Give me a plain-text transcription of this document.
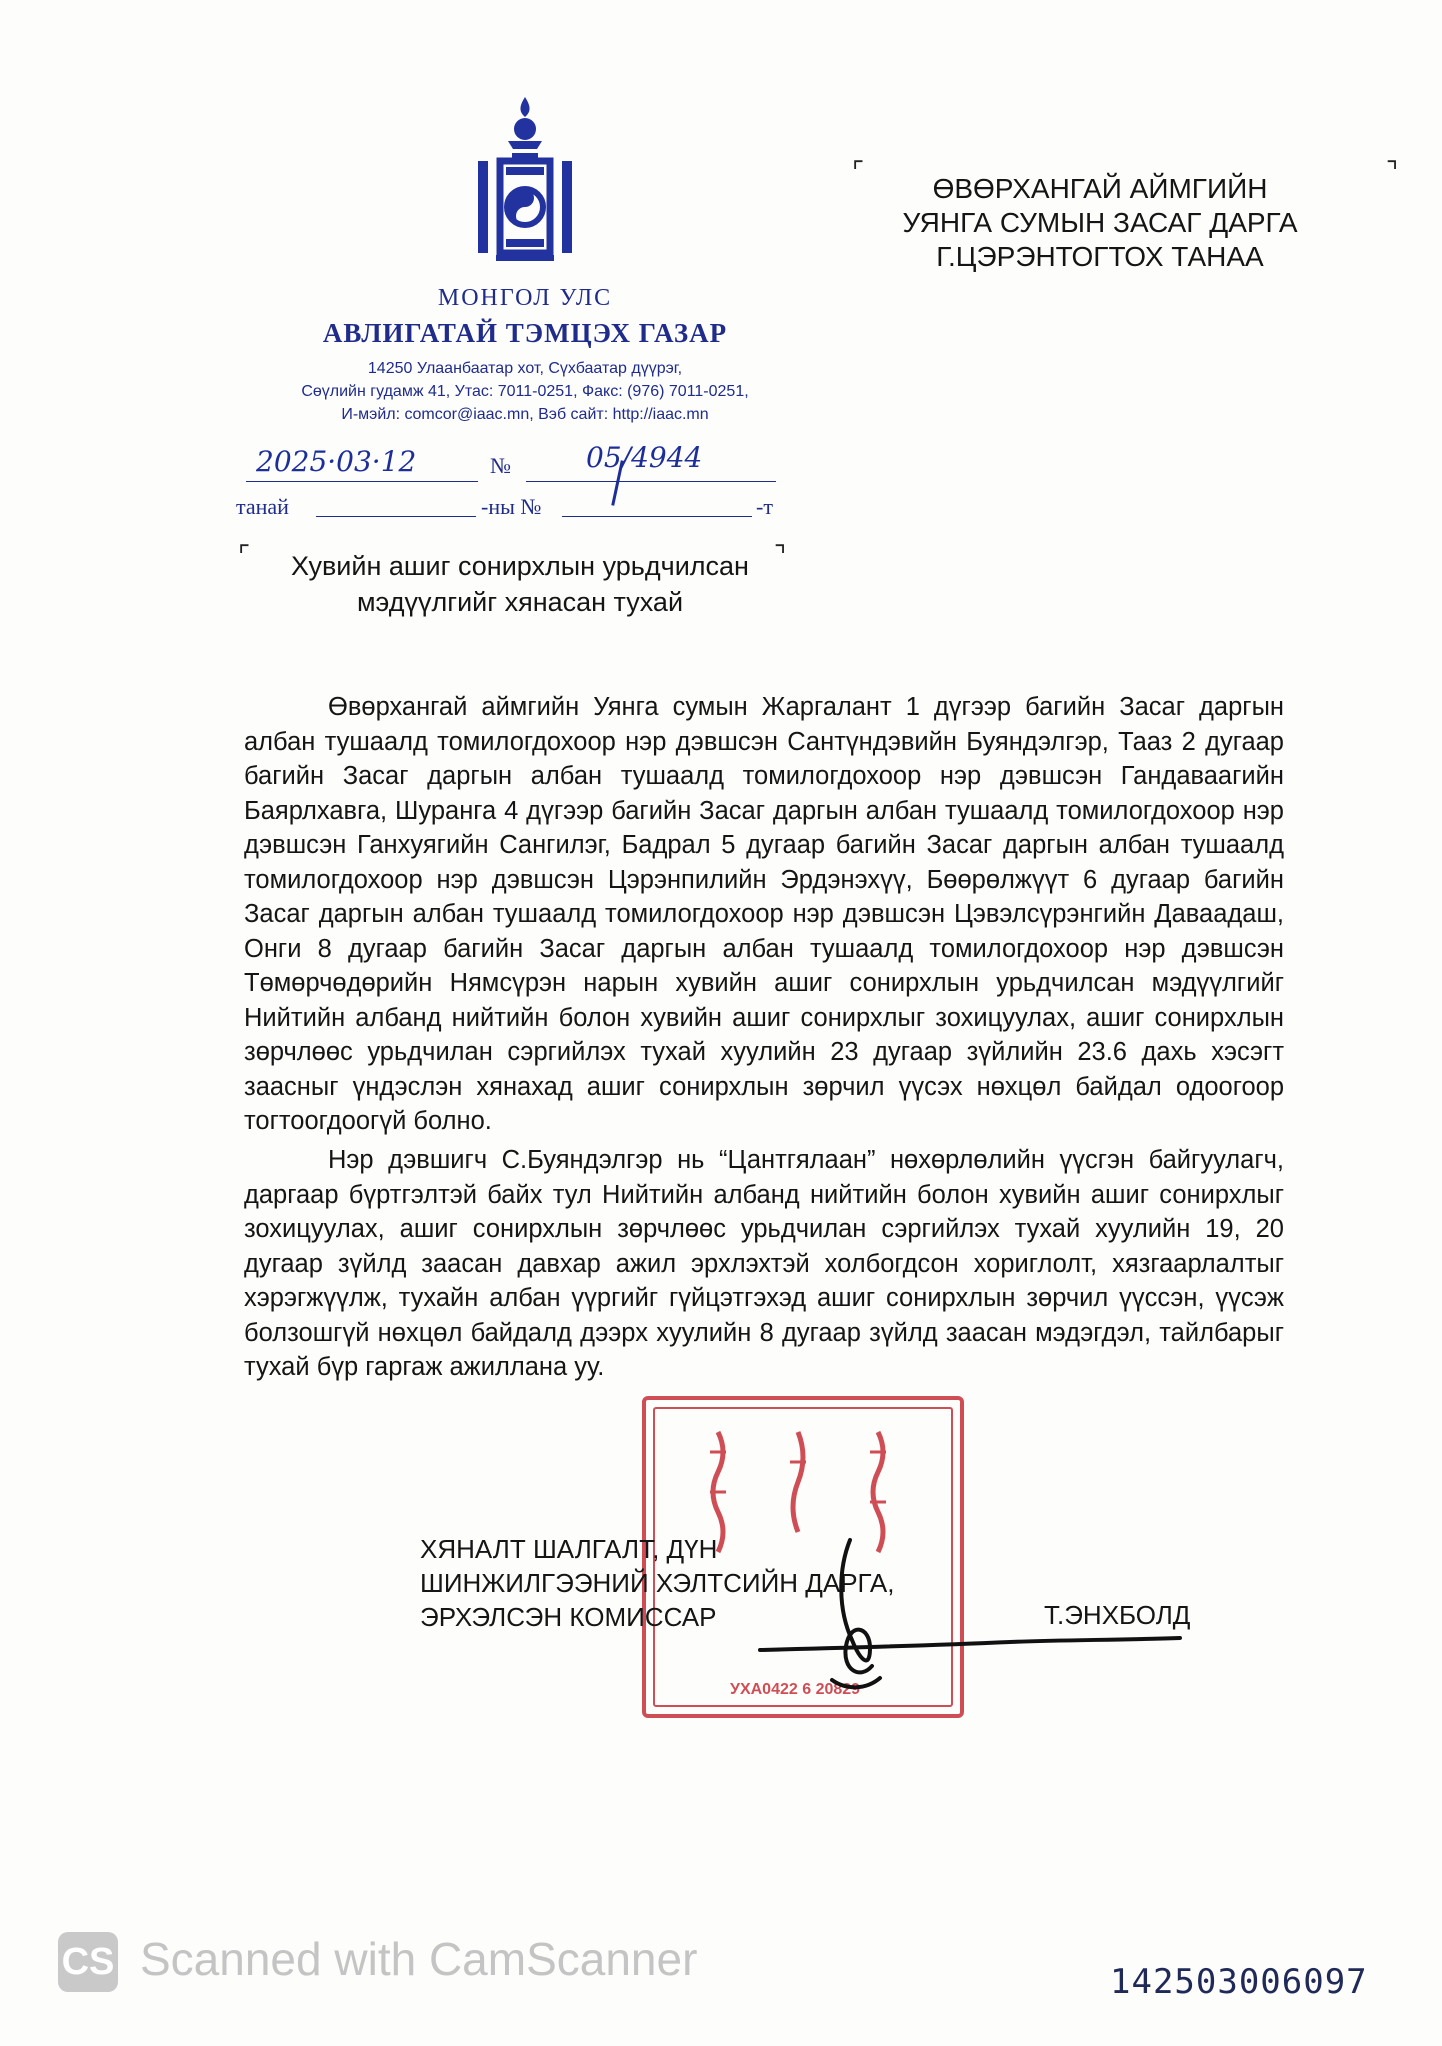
МОНГОЛ УЛС
АВЛИГАТАЙ ТЭМЦЭХ ГАЗАР
14250 Улаанбаатар хот, Сүхбаатар дүүрэг,
Сөүлийн гудамж 41, Утас: 7011-0251, Факс: (976) 7011-0251,
И-мэйл: comcor@iaac.mn, Вэб сайт: http://iaac.mn
2025·03·12	№	05/4944
танай	-ны №	-т
⌜	⌝
ӨВӨРХАНГАЙ АЙМГИЙН
УЯНГА СУМЫН ЗАСАГ ДАРГА
Г.ЦЭРЭНТОГТОХ ТАНАА
⌜	⌝
Хувийн ашиг сонирхлын урьдчилсан
мэдүүлгийг хянасан тухай

Өвөрхангай аймгийн Уянга сумын Жаргалант 1 дүгээр багийн Засаг даргын албан тушаалд томилогдохоор нэр дэвшсэн Сантүндэвийн Буяндэлгэр, Тааз 2 дугаар багийн Засаг даргын албан тушаалд томилогдохоор нэр дэвшсэн Гандаваагийн Баярлхавга, Шуранга 4 дүгээр багийн Засаг даргын албан тушаалд томилогдохоор нэр дэвшсэн Ганхуягийн Сангилэг, Бадрал 5 дугаар багийн Засаг даргын албан тушаалд томилогдохоор нэр дэвшсэн Цэрэнпилийн Эрдэнэхүү, Бөөрөлжүүт 6 дугаар багийн Засаг даргын албан тушаалд томилогдохоор нэр дэвшсэн Цэвэлсүрэнгийн Даваадаш, Онги 8 дугаар багийн Засаг даргын албан тушаалд томилогдохоор нэр дэвшсэн Төмөрчөдөрийн Нямсүрэн нарын хувийн ашиг сонирхлын урьдчилсан мэдүүлгийг Нийтийн албанд нийтийн болон хувийн ашиг сонирхлыг зохицуулах, ашиг сонирхлын зөрчлөөс урьдчилан сэргийлэх тухай хуулийн 23 дугаар зүйлийн 23.6 дахь хэсэгт заасныг үндэслэн хянахад ашиг сонирхлын зөрчил үүсэх нөхцөл байдал одоогоор тогтоогдоогүй болно.

Нэр дэвшигч С.Буяндэлгэр нь “Цантгялаан” нөхөрлөлийн үүсгэн байгуулагч, даргаар бүртгэлтэй байх тул Нийтийн албанд нийтийн болон хувийн ашиг сонирхлыг зохицуулах, ашиг сонирхлын зөрчлөөс урьдчилан сэргийлэх тухай хуулийн 19, 20 дугаар зүйлд заасан давхар ажил эрхлэхтэй холбогдсон хориглолт, хязгаарлалтыг хэрэгжүүлж, тухайн албан үүргийг гүйцэтгэхэд ашиг сонирхлын зөрчил үүссэн, үүсэж болзошгүй нөхцөл байдалд дээрх хуулийн 8 дугаар зүйлд заасан мэдэгдэл, тайлбарыг тухай бүр гаргаж ажиллана уу.

УХА0422 6 20829
ХЯНАЛТ ШАЛГАЛТ, ДҮН
ШИНЖИЛГЭЭНИЙ ХЭЛТСИЙН ДАРГА,
ЭРХЭЛСЭН КОМИССАР	Т.ЭНХБОЛД
CS Scanned with CamScanner	142503006097
